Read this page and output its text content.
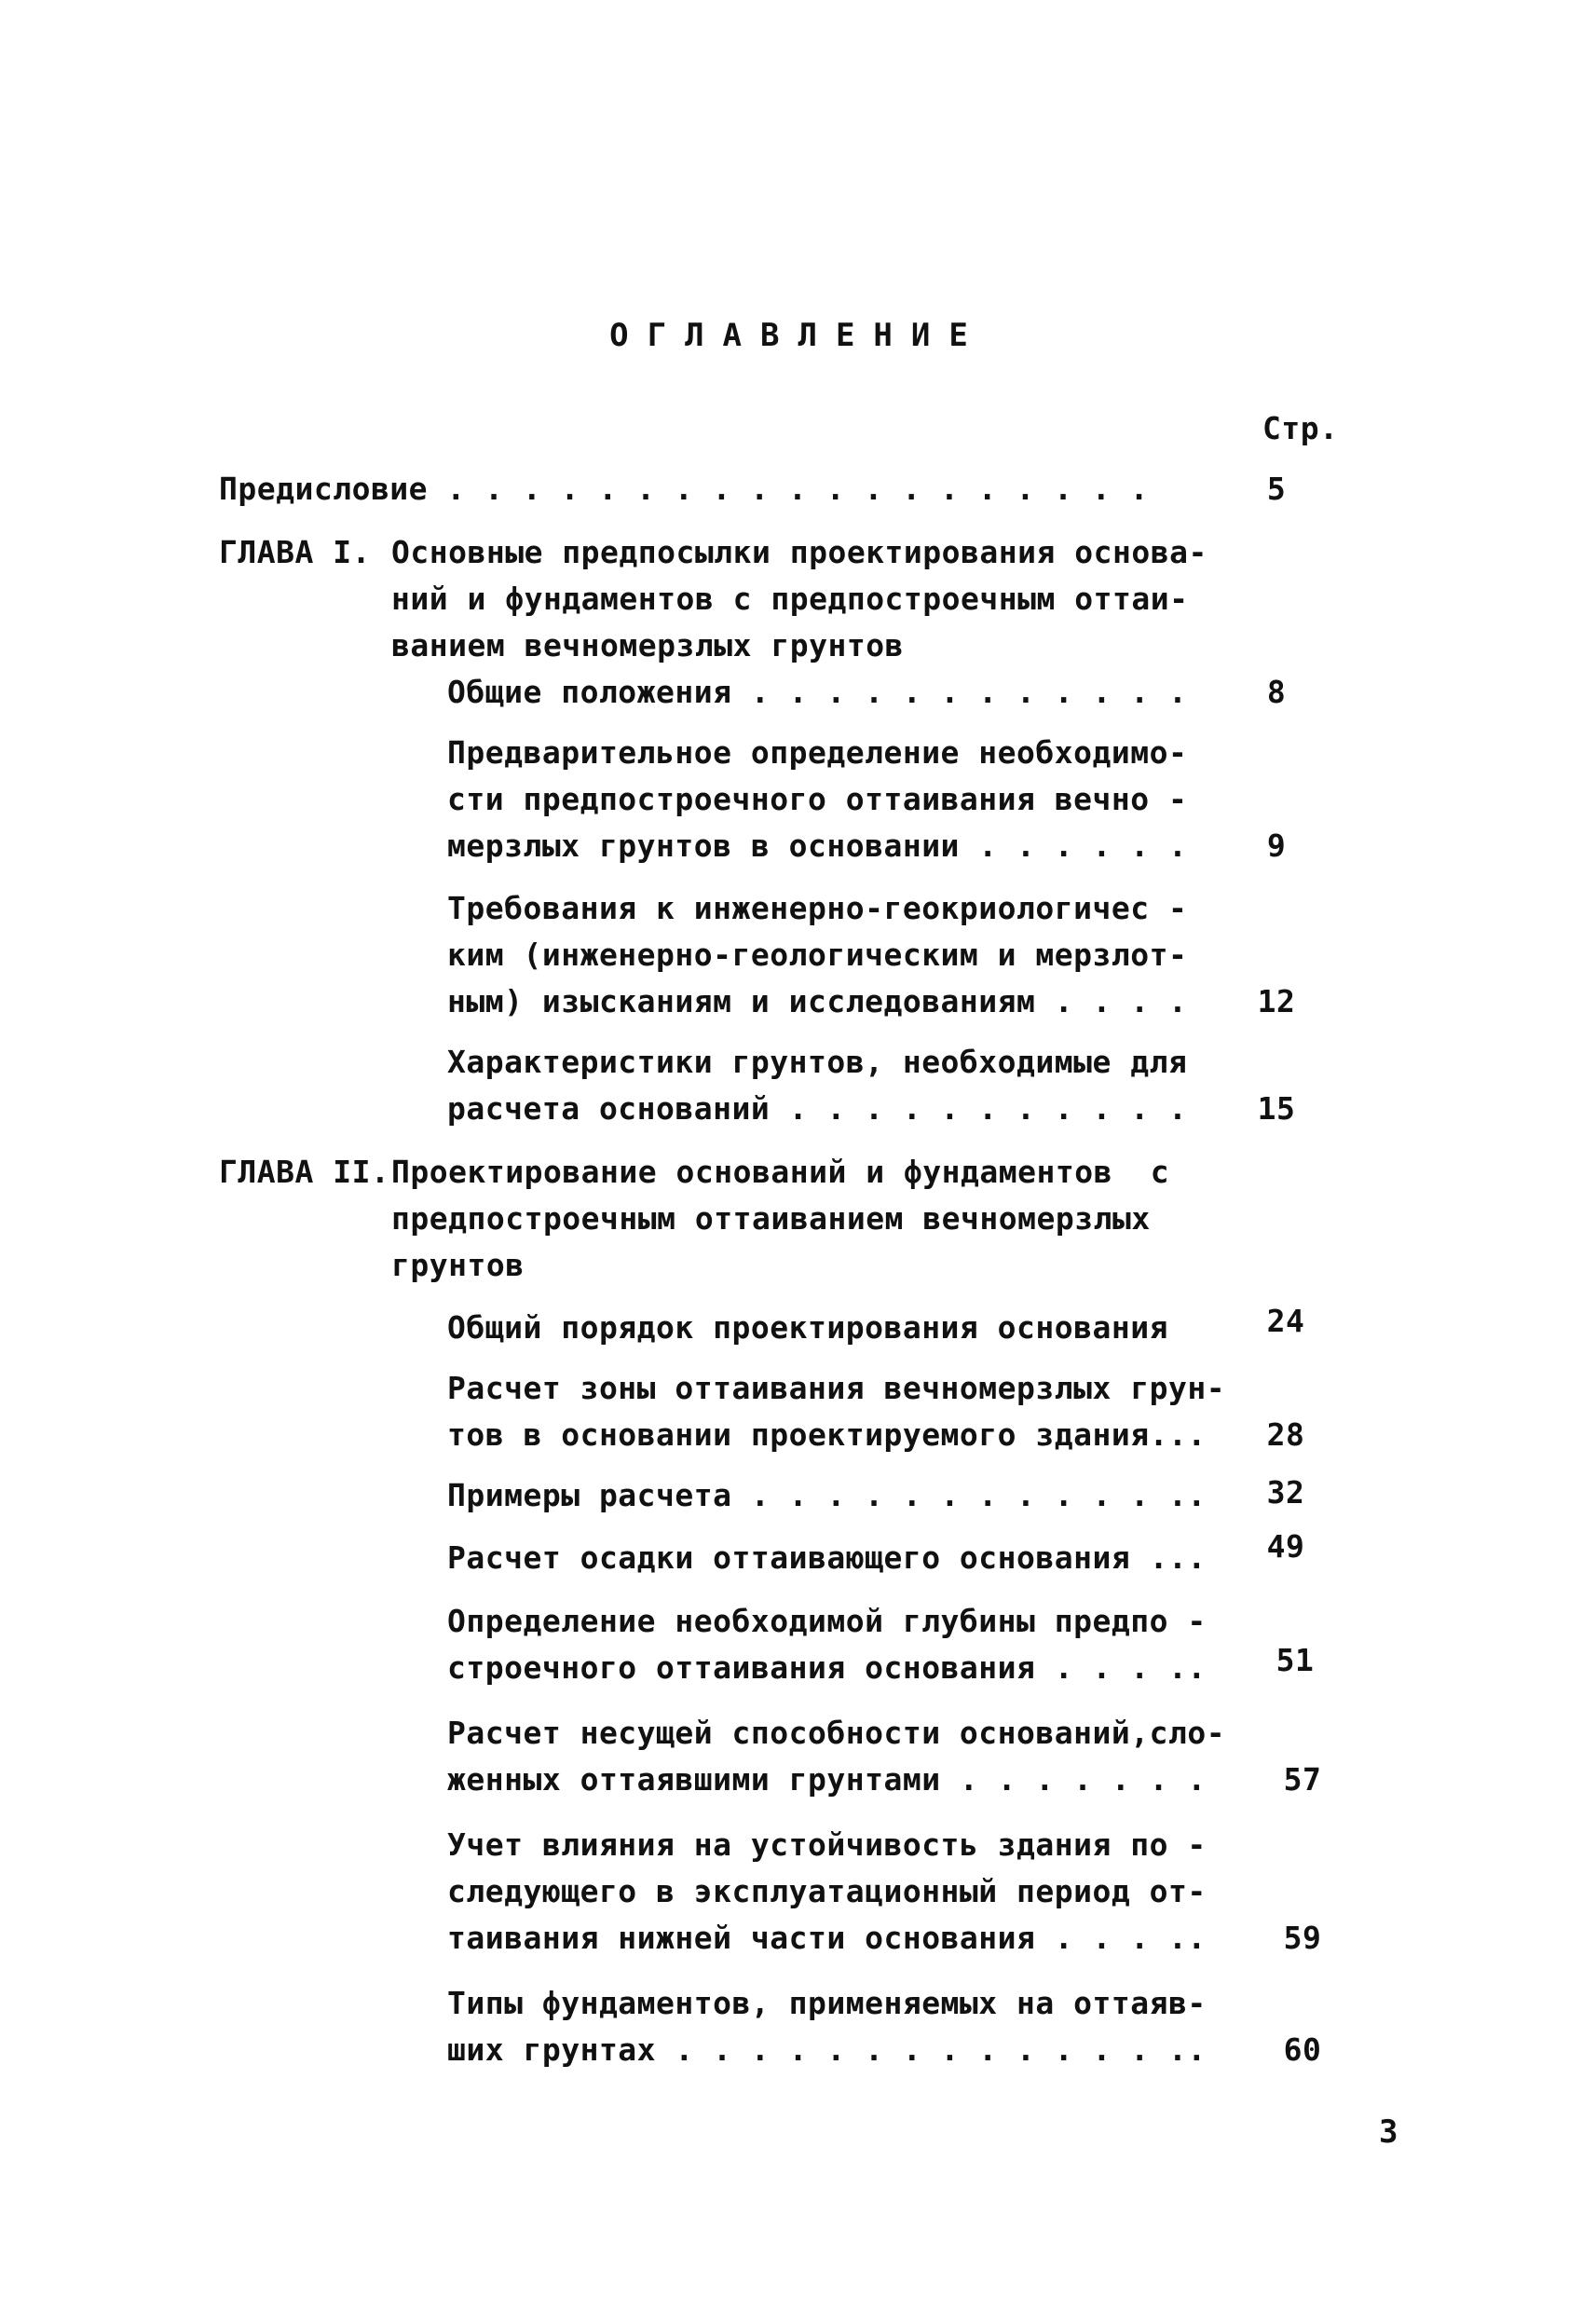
ОГЛАВЛЕНИЕ
Стр.
Предисловие . . . . . . . . . . . . . . . . . . .	5
ГЛАВА I. Основные предпосылки проектирования основа-
ний и фундаментов с предпостроечным оттаи-
ванием вечномерзлых грунтов
Общие положения . . . . . . . . . . . .	8
Предварительное определение необходимо-
сти предпостроечного оттаивания вечно -
мерзлых грунтов в основании . . . . . .	9
Требования к инженерно-геокриологичес -
ким (инженерно-геологическим и мерзлот-
ным) изысканиям и исследованиям . . . .	12
Характеристики грунтов, необходимые для
расчета оснований . . . . . . . . . . .	15
ГЛАВА II. Проектирование оснований и фундаментов  с
предпостроечным оттаиванием вечномерзлых
грунтов
Общий порядок проектирования основания	24
Расчет зоны оттаивания вечномерзлых грун-
тов в основании проектируемого здания...	28
Примеры расчета . . . . . . . . . . . ..	32
Расчет осадки оттаивающего основания ...	49
Определение необходимой глубины предпо -
строечного оттаивания основания . . . ..	51
Расчет несущей способности оснований,сло-
женных оттаявшими грунтами . . . . . . .	57
Учет влияния на устойчивость здания по -
следующего в эксплуатационный период от-
таивания нижней части основания . . . ..	59
Типы фундаментов, применяемых на оттаяв-
ших грунтах . . . . . . . . . . . . . ..	60
3
